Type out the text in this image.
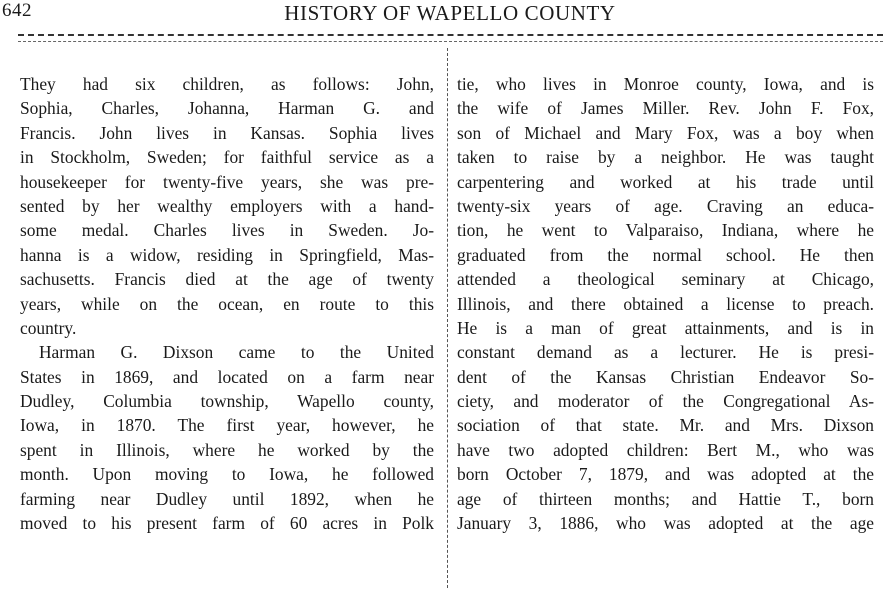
642	HISTORY OF WAPELLO COUNTY
They had six children, as follows: John,
Sophia, Charles, Johanna, Harman G. and
Francis. John lives in Kansas. Sophia lives
in Stockholm, Sweden; for faithful service as a
housekeeper for twenty-five years, she was pre-
sented by her wealthy employers with a hand-
some medal. Charles lives in Sweden. Jo-
hanna is a widow, residing in Springfield, Mas-
sachusetts. Francis died at the age of twenty
years, while on the ocean, en route to this
country.
Harman G. Dixson came to the United
States in 1869, and located on a farm near
Dudley, Columbia township, Wapello county,
Iowa, in 1870. The first year, however, he
spent in Illinois, where he worked by the
month. Upon moving to Iowa, he followed
farming near Dudley until 1892, when he
moved to his present farm of 60 acres in Polk
tie, who lives in Monroe county, Iowa, and is
the wife of James Miller. Rev. John F. Fox,
son of Michael and Mary Fox, was a boy when
taken to raise by a neighbor. He was taught
carpentering and worked at his trade until
twenty-six years of age. Craving an educa-
tion, he went to Valparaiso, Indiana, where he
graduated from the normal school. He then
attended a theological seminary at Chicago,
Illinois, and there obtained a license to preach.
He is a man of great attainments, and is in
constant demand as a lecturer. He is presi-
dent of the Kansas Christian Endeavor So-
ciety, and moderator of the Congregational As-
sociation of that state. Mr. and Mrs. Dixson
have two adopted children: Bert M., who was
born October 7, 1879, and was adopted at the
age of thirteen months; and Hattie T., born
January 3, 1886, who was adopted at the age
